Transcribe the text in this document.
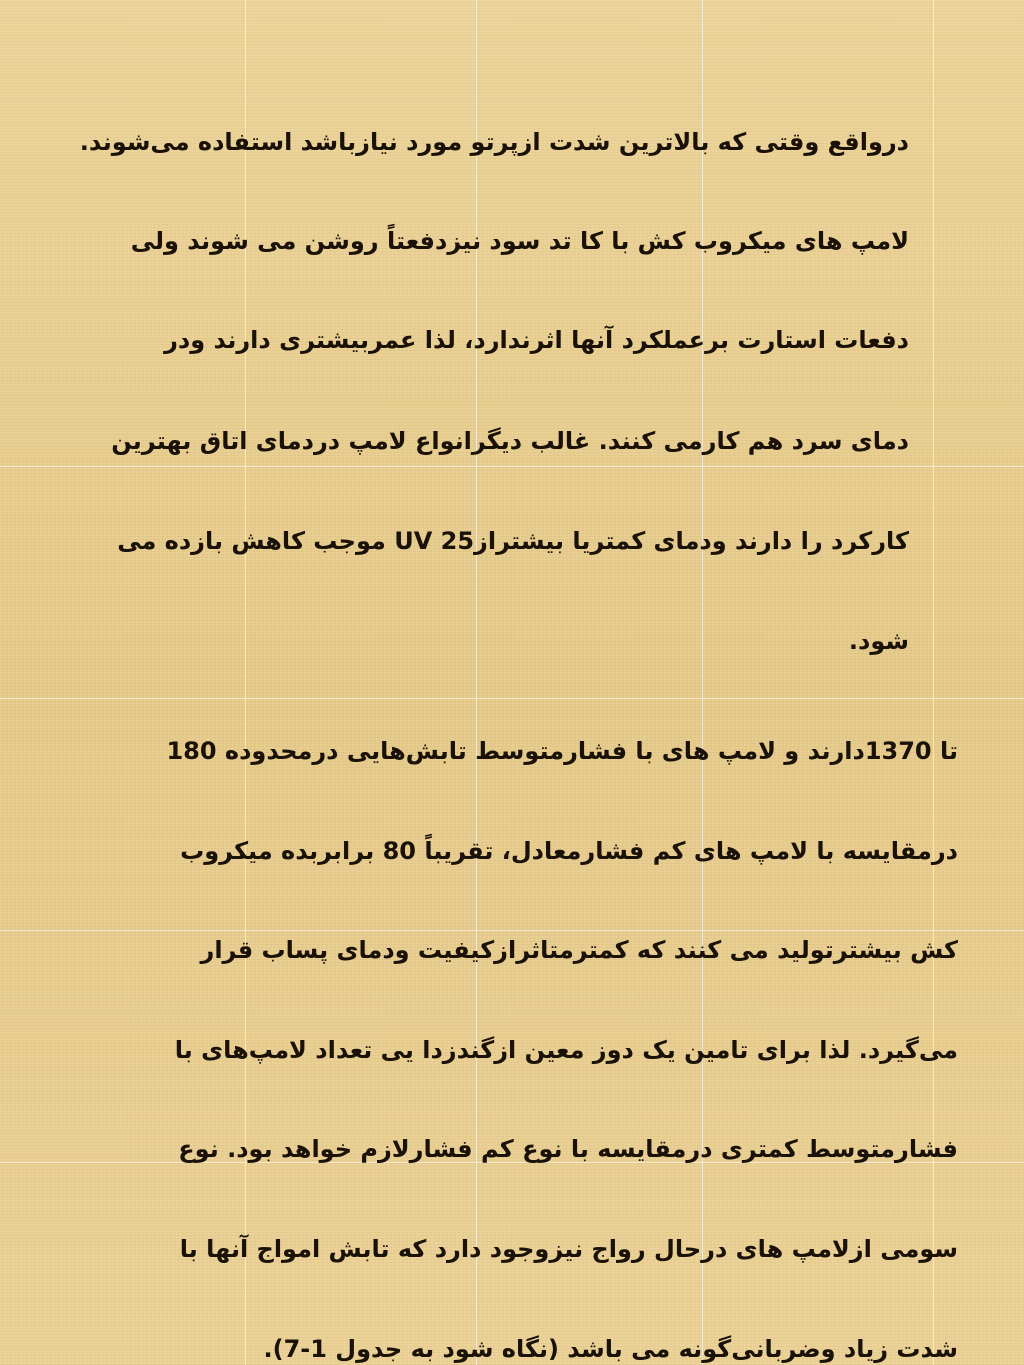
درواقع وقتی که بالاترین شدت ازپرتو مورد نیازباشد استفاده می‌شوند.
لامپ های میکروب کش با کا تد سود نیزدفعتاً روشن می شوند ولی
دفعات استارت برعملکرد آنها اثرندارد، لذا عمربیشتری دارند ودر
دمای سرد هم کارمی کنند. غالب دیگرانواع لامپ دردمای اتاق بهترین
کارکرد را دارند ودمای کمتریا بیشترازUV 25 موجب کاهش بازده می
شود.
تا 1370دارند و لامپ های با فشارمتوسط تابش‌هایی درمحدوده 180
درمقایسه با لامپ های کم فشارمعادل، تقریباً 80 برابربده میکروب
کش بیشترتولید می کنند که کمترمتاثرازکیفیت ودمای پساب قرار
می‌گیرد. لذا برای تامین یک دوز معین ازگندزدا یی تعداد لامپ‌های با
فشارمتوسط کمتری درمقایسه با نوع کم فشارلازم خواهد بود. نوع
سومی ازلامپ های درحال رواج نیزوجود دارد که تابش امواج آنها با
شدت زیاد وضربانی‌گونه می باشد (نگاه شود به جدول 1-7).
